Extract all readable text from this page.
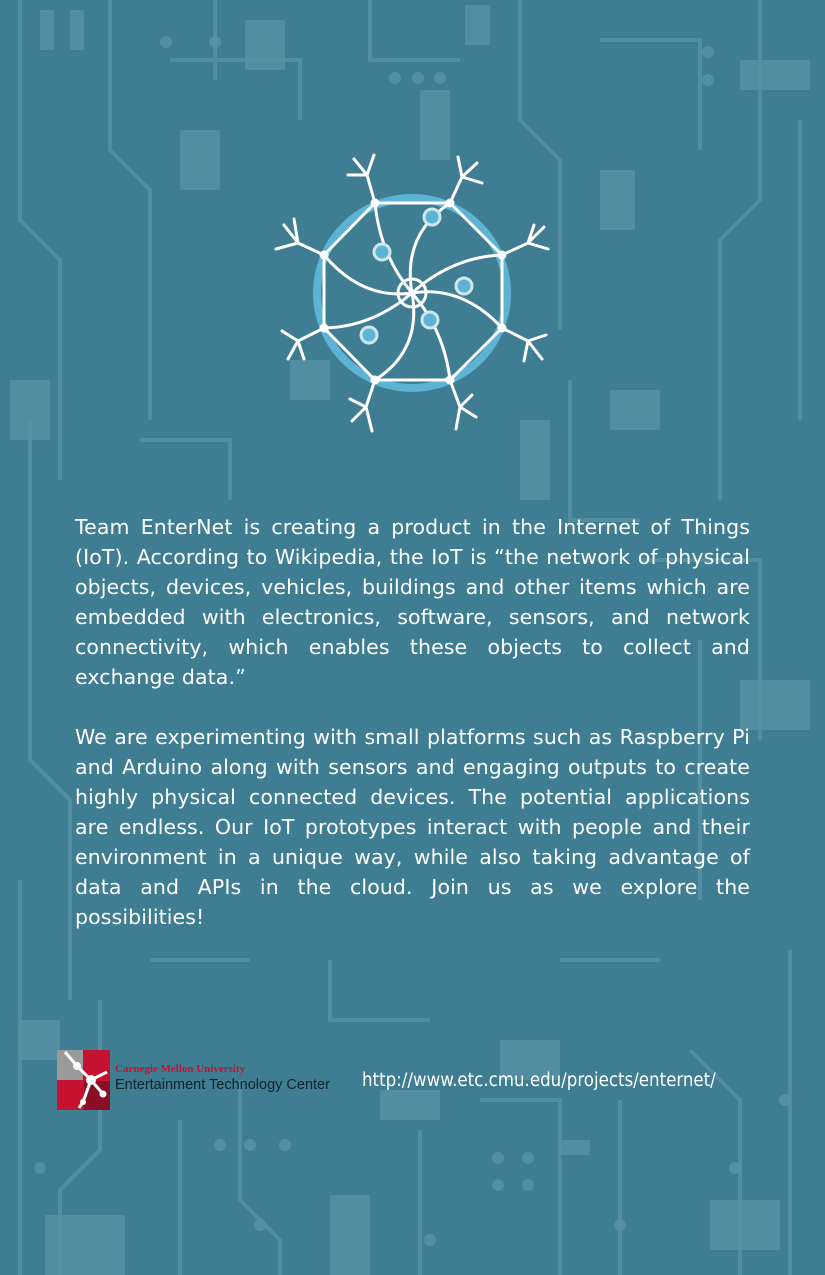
Team EnterNet is creating a product in the Internet of Things (IoT). According to Wikipedia, the IoT is “the network of physical objects, devices, vehicles, buildings and other items which are embedded with electronics, software, sensors, and network connectivity, which enables these objects to collect and exchange data.”

We are experimenting with small platforms such as Raspberry Pi and Arduino along with sensors and engaging outputs to create highly physical connected devices. The potential applications are endless. Our IoT prototypes interact with people and their environment in a unique way, while also taking advantage of data and APIs in the cloud. Join us as we explore the possibilities!

Carnegie Mellon University
Entertainment Technology Center http://www.etc.cmu.edu/projects/enternet/
